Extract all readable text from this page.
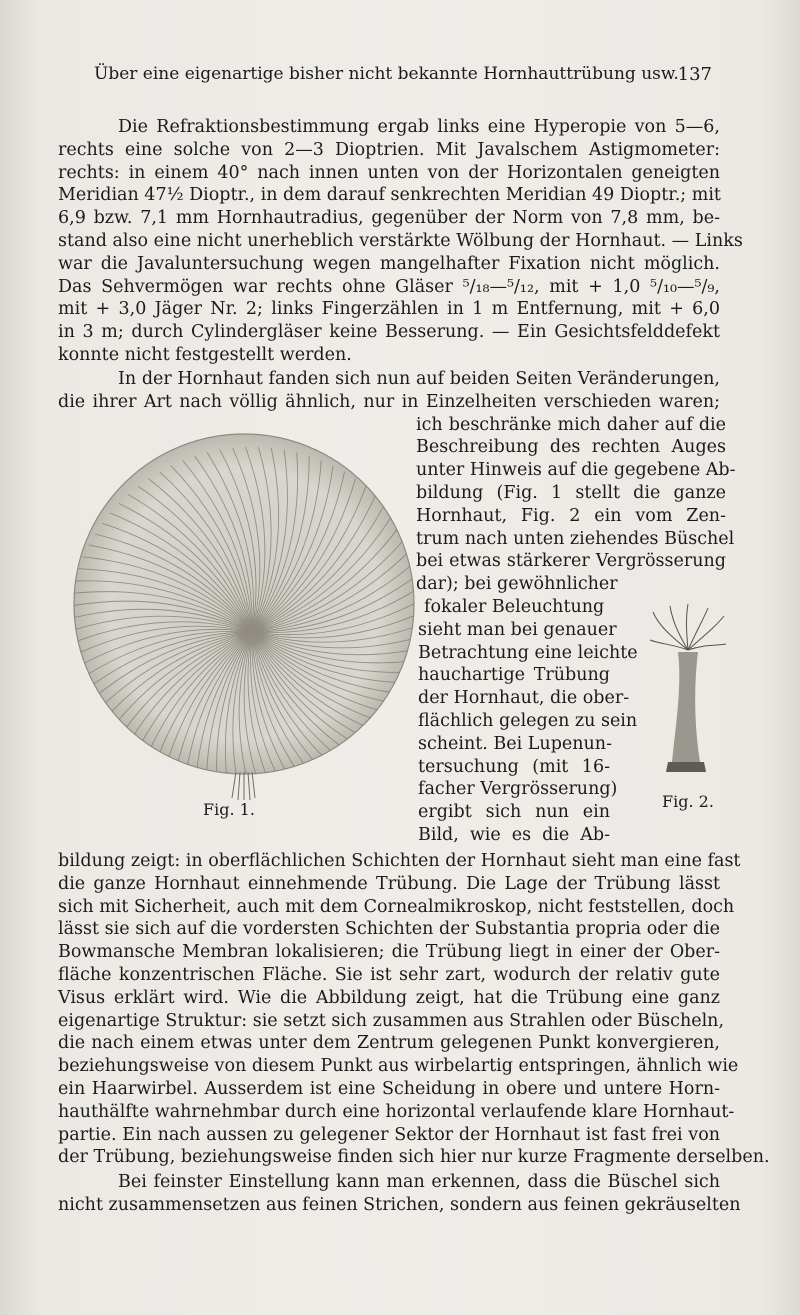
Über eine eigenartige bisher nicht bekannte Hornhauttrübung usw.
137
Die Refraktionsbestimmung ergab links eine Hyperopie von 5—6,
rechts eine solche von 2—3 Dioptrien. Mit Javalschem Astigmometer:
rechts: in einem 40° nach innen unten von der Horizontalen geneigten
Meridian 47½ Dioptr., in dem darauf senkrechten Meridian 49 Dioptr.; mit
6,9 bzw. 7,1 mm Hornhautradius, gegenüber der Norm von 7,8 mm, be-
stand also eine nicht unerheblich verstärkte Wölbung der Hornhaut. — Links
war die Javaluntersuchung wegen mangelhafter Fixation nicht möglich.
Das Sehvermögen war rechts ohne Gläser ⁵/₁₈—⁵/₁₂, mit + 1,0 ⁵/₁₀—⁵/₉,
mit + 3,0 Jäger Nr. 2; links Fingerzählen in 1 m Entfernung, mit + 6,0
in 3 m; durch Cylindergläser keine Besserung. — Ein Gesichtsfelddefekt
konnte nicht festgestellt werden.
In der Hornhaut fanden sich nun auf beiden Seiten Veränderungen,
die ihrer Art nach völlig ähnlich, nur in Einzelheiten verschieden waren;
ich beschränke mich daher auf die
Beschreibung des rechten Auges
unter Hinweis auf die gegebene Ab-
bildung (Fig. 1 stellt die ganze
Hornhaut, Fig. 2 ein vom Zen-
trum nach unten ziehendes Büschel
bei etwas stärkerer Vergrösserung
dar); bei gewöhnlicher
fokaler Beleuchtung
sieht man bei genauer
Betrachtung eine leichte
hauchartige Trübung
der Hornhaut, die ober-
flächlich gelegen zu sein
scheint. Bei Lupenun-
tersuchung (mit 16-
facher Vergrösserung)
ergibt sich nun ein
Bild, wie es die Ab-
bildung zeigt: in oberflächlichen Schichten der Hornhaut sieht man eine fast
die ganze Hornhaut einnehmende Trübung. Die Lage der Trübung lässt
sich mit Sicherheit, auch mit dem Cornealmikroskop, nicht feststellen, doch
lässt sie sich auf die vordersten Schichten der Substantia propria oder die
Bowmansche Membran lokalisieren; die Trübung liegt in einer der Ober-
fläche konzentrischen Fläche. Sie ist sehr zart, wodurch der relativ gute
Visus erklärt wird. Wie die Abbildung zeigt, hat die Trübung eine ganz
eigenartige Struktur: sie setzt sich zusammen aus Strahlen oder Büscheln,
die nach einem etwas unter dem Zentrum gelegenen Punkt konvergieren,
beziehungsweise von diesem Punkt aus wirbelartig entspringen, ähnlich wie
ein Haarwirbel. Ausserdem ist eine Scheidung in obere und untere Horn-
hauthälfte wahrnehmbar durch eine horizontal verlaufende klare Hornhaut-
partie. Ein nach aussen zu gelegener Sektor der Hornhaut ist fast frei von
der Trübung, beziehungsweise finden sich hier nur kurze Fragmente derselben.
Bei feinster Einstellung kann man erkennen, dass die Büschel sich
nicht zusammensetzen aus feinen Strichen, sondern aus feinen gekräuselten
Fig. 1.	Fig. 2.
